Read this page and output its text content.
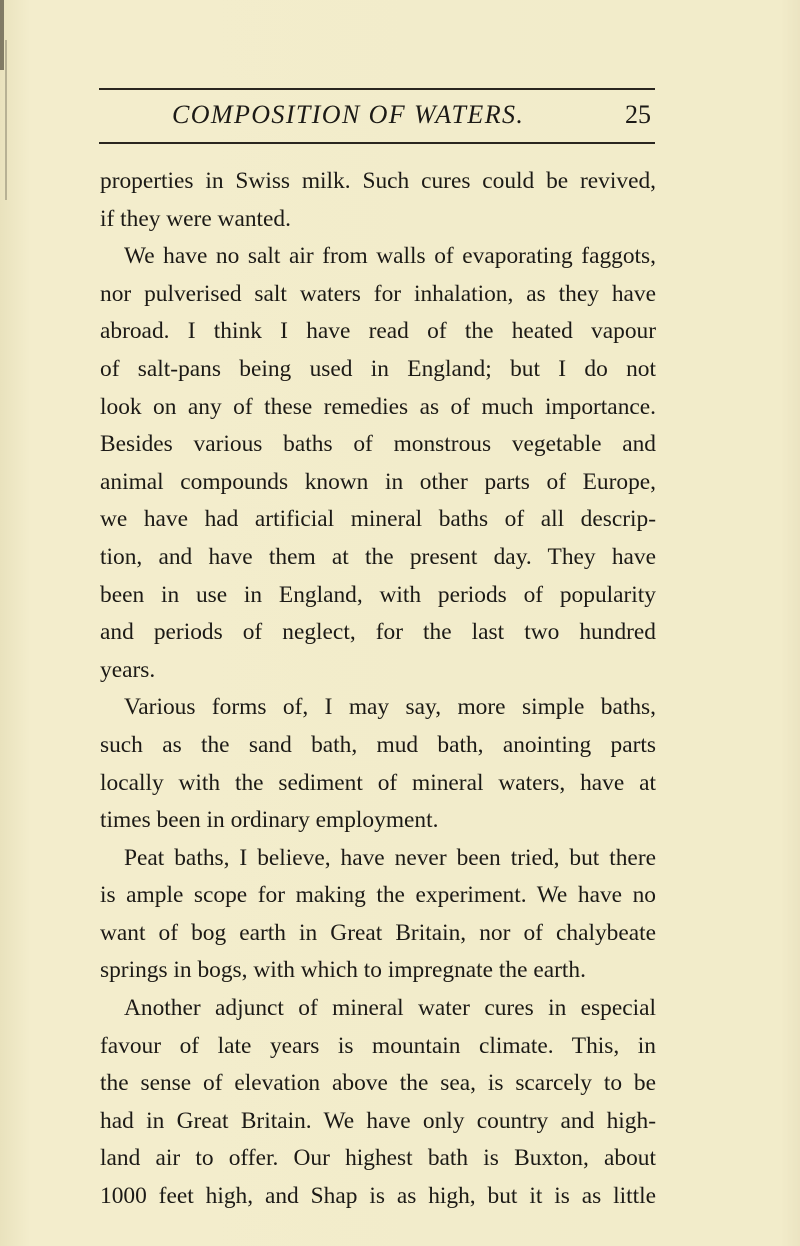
COMPOSITION OF WATERS.	25
properties in Swiss milk. Such cures could be revived,
if they were wanted.
We have no salt air from walls of evaporating faggots,
nor pulverised salt waters for inhalation, as they have
abroad. I think I have read of the heated vapour
of salt-pans being used in England; but I do not
look on any of these remedies as of much importance.
Besides various baths of monstrous vegetable and
animal compounds known in other parts of Europe,
we have had artificial mineral baths of all descrip-
tion, and have them at the present day. They have
been in use in England, with periods of popularity
and periods of neglect, for the last two hundred
years.
Various forms of, I may say, more simple baths,
such as the sand bath, mud bath, anointing parts
locally with the sediment of mineral waters, have at
times been in ordinary employment.
Peat baths, I believe, have never been tried, but there
is ample scope for making the experiment. We have no
want of bog earth in Great Britain, nor of chalybeate
springs in bogs, with which to impregnate the earth.
Another adjunct of mineral water cures in especial
favour of late years is mountain climate. This, in
the sense of elevation above the sea, is scarcely to be
had in Great Britain. We have only country and high-
land air to offer. Our highest bath is Buxton, about
1000 feet high, and Shap is as high, but it is as little
